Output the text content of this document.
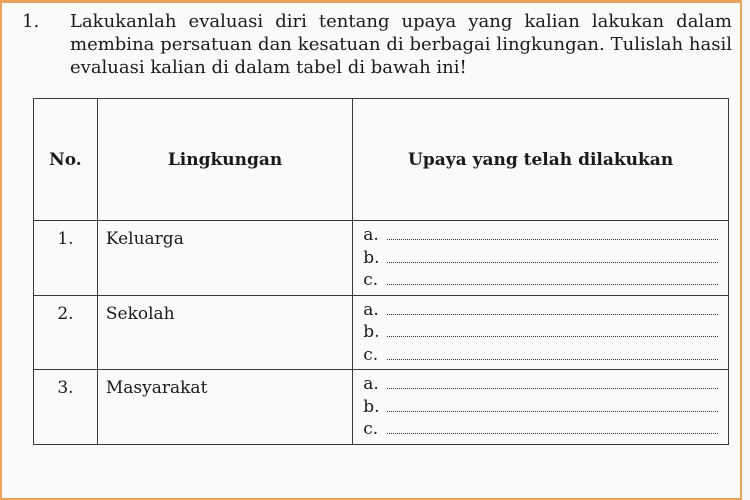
1.	Lakukanlah evaluasi diri tentang upaya yang kalian lakukan dalam membina persatuan dan kesatuan di berbagai lingkungan. Tulislah hasil evaluasi kalian di dalam tabel di bawah ini!
No.	Lingkungan	Upaya yang telah dilakukan
1.	Keluarga	a.
b.
c.

2.	Sekolah	a.
b.
c.

3.	Masyarakat	a.
b.
c.
